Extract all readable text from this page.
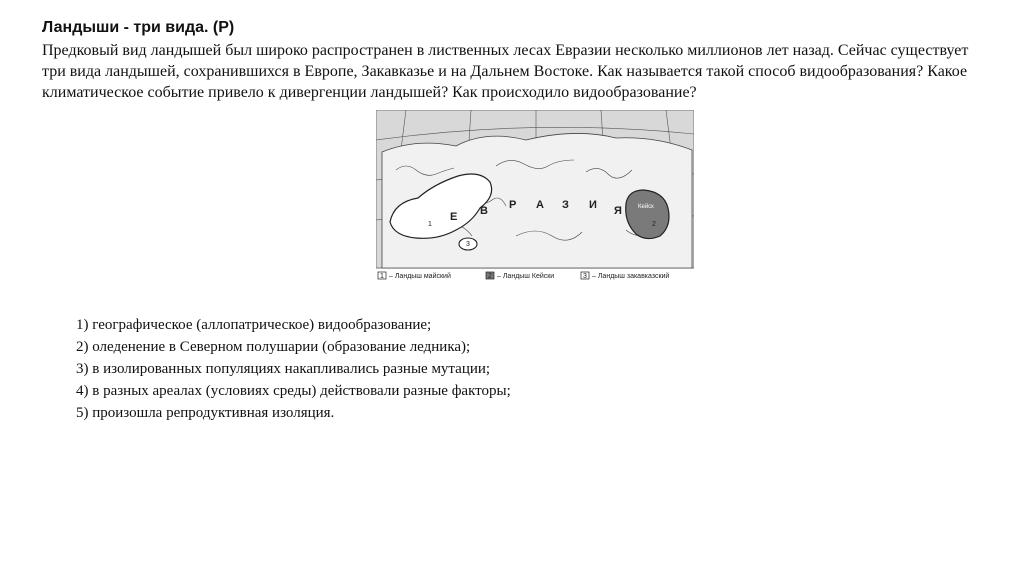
Ландыши - три вида. (Р)
Предковый вид ландышей был широко распространен в лиственных лесах Евразии несколько миллионов лет назад. Сейчас существует три вида ландышей, сохранившихся в Европе, Закавказье и на Дальнем Востоке. Как называется такой способ видообразования? Какое климатическое событие привело к дивергенции ландышей? Как происходило видообразование?
Е В Р А З И Я
1	2
3
Кейск
1 – Ландыш майский	2 – Ландыш Кейски	3 – Ландыш закавказский
1) географическое (аллопатрическое) видообразование;
2) оледенение в Северном полушарии (образование ледника);
3) в изолированных популяциях накапливались разные мутации;
4) в разных ареалах (условиях среды) действовали разные факторы;
5) произошла репродуктивная изоляция.
